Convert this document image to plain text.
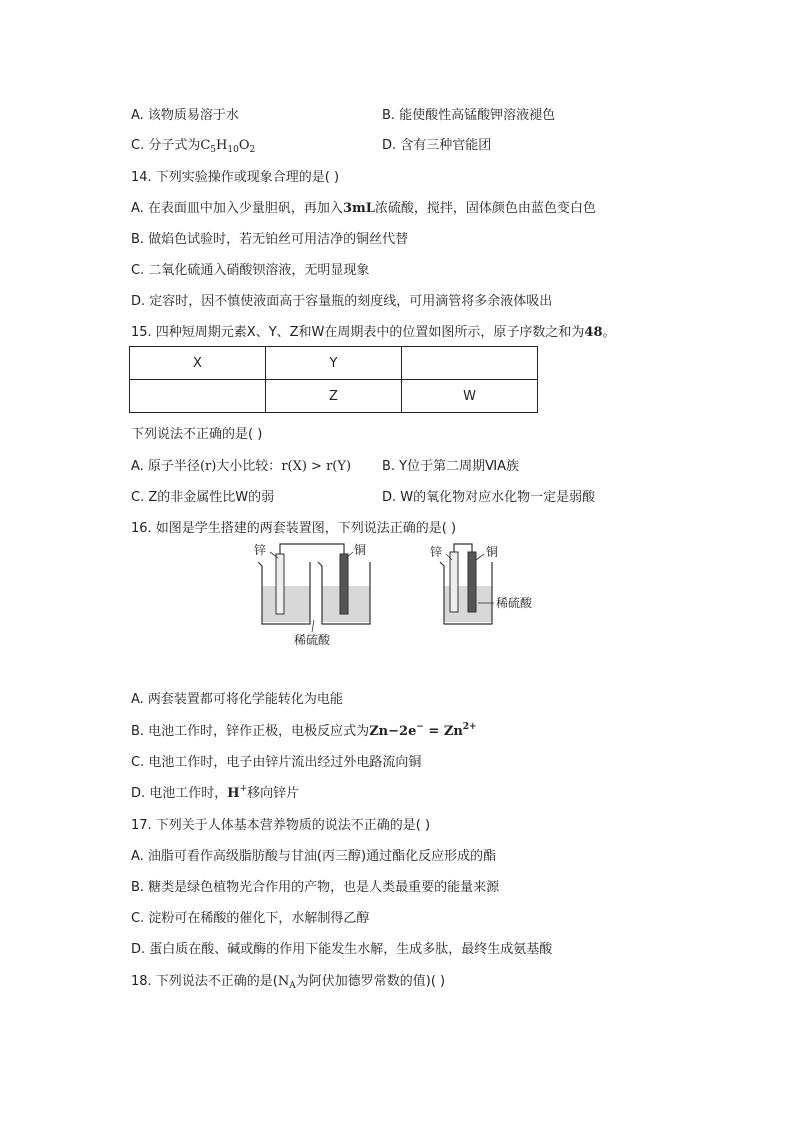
A. 该物质易溶于水	B. 能使酸性高锰酸钾溶液褪色
C. 分子式为$C_5H_{10}O_2$	D. 含有三种官能团
14. 下列实验操作或现象合理的是( )
A. 在表面皿中加入少量胆矾，再加入3mL浓硫酸，搅拌，固体颜色由蓝色变白色
B. 做焰色试验时，若无铂丝可用洁净的铜丝代替
C. 二氧化硫通入硝酸钡溶液，无明显现象
D. 定容时，因不慎使液面高于容量瓶的刻度线，可用滴管将多余液体吸出
15. 四种短周期元素X、Y、Z和W在周期表中的位置如图所示，原子序数之和为48。
X	Y	
	Z	W
下列说法不正确的是( )
A. 原子半径(r)大小比较：r(X) > r(Y) B. Y位于第二周期ⅥA族
C. Z的非金属性比W的弱	D. W的氧化物对应水化物一定是弱酸
16. 如图是学生搭建的两套装置图，下列说法正确的是( )
锌	铜
稀硫酸
锌	铜
稀硫酸
A. 两套装置都可将化学能转化为电能
B. 电池工作时，锌作正极，电极反应式为$Zn-2e^- = Zn^{2+}$
C. 电池工作时，电子由锌片流出经过外电路流向铜
D. 电池工作时，H+移向锌片
17. 下列关于人体基本营养物质的说法不正确的是( )
A. 油脂可看作高级脂肪酸与甘油(丙三醇)通过酯化反应形成的酯
B. 糖类是绿色植物光合作用的产物，也是人类最重要的能量来源
C. 淀粉可在稀酸的催化下，水解制得乙醇
D. 蛋白质在酸、碱或酶的作用下能发生水解，生成多肽，最终生成氨基酸
18. 下列说法不正确的是($N_A$为阿伏加德罗常数的值)( )
